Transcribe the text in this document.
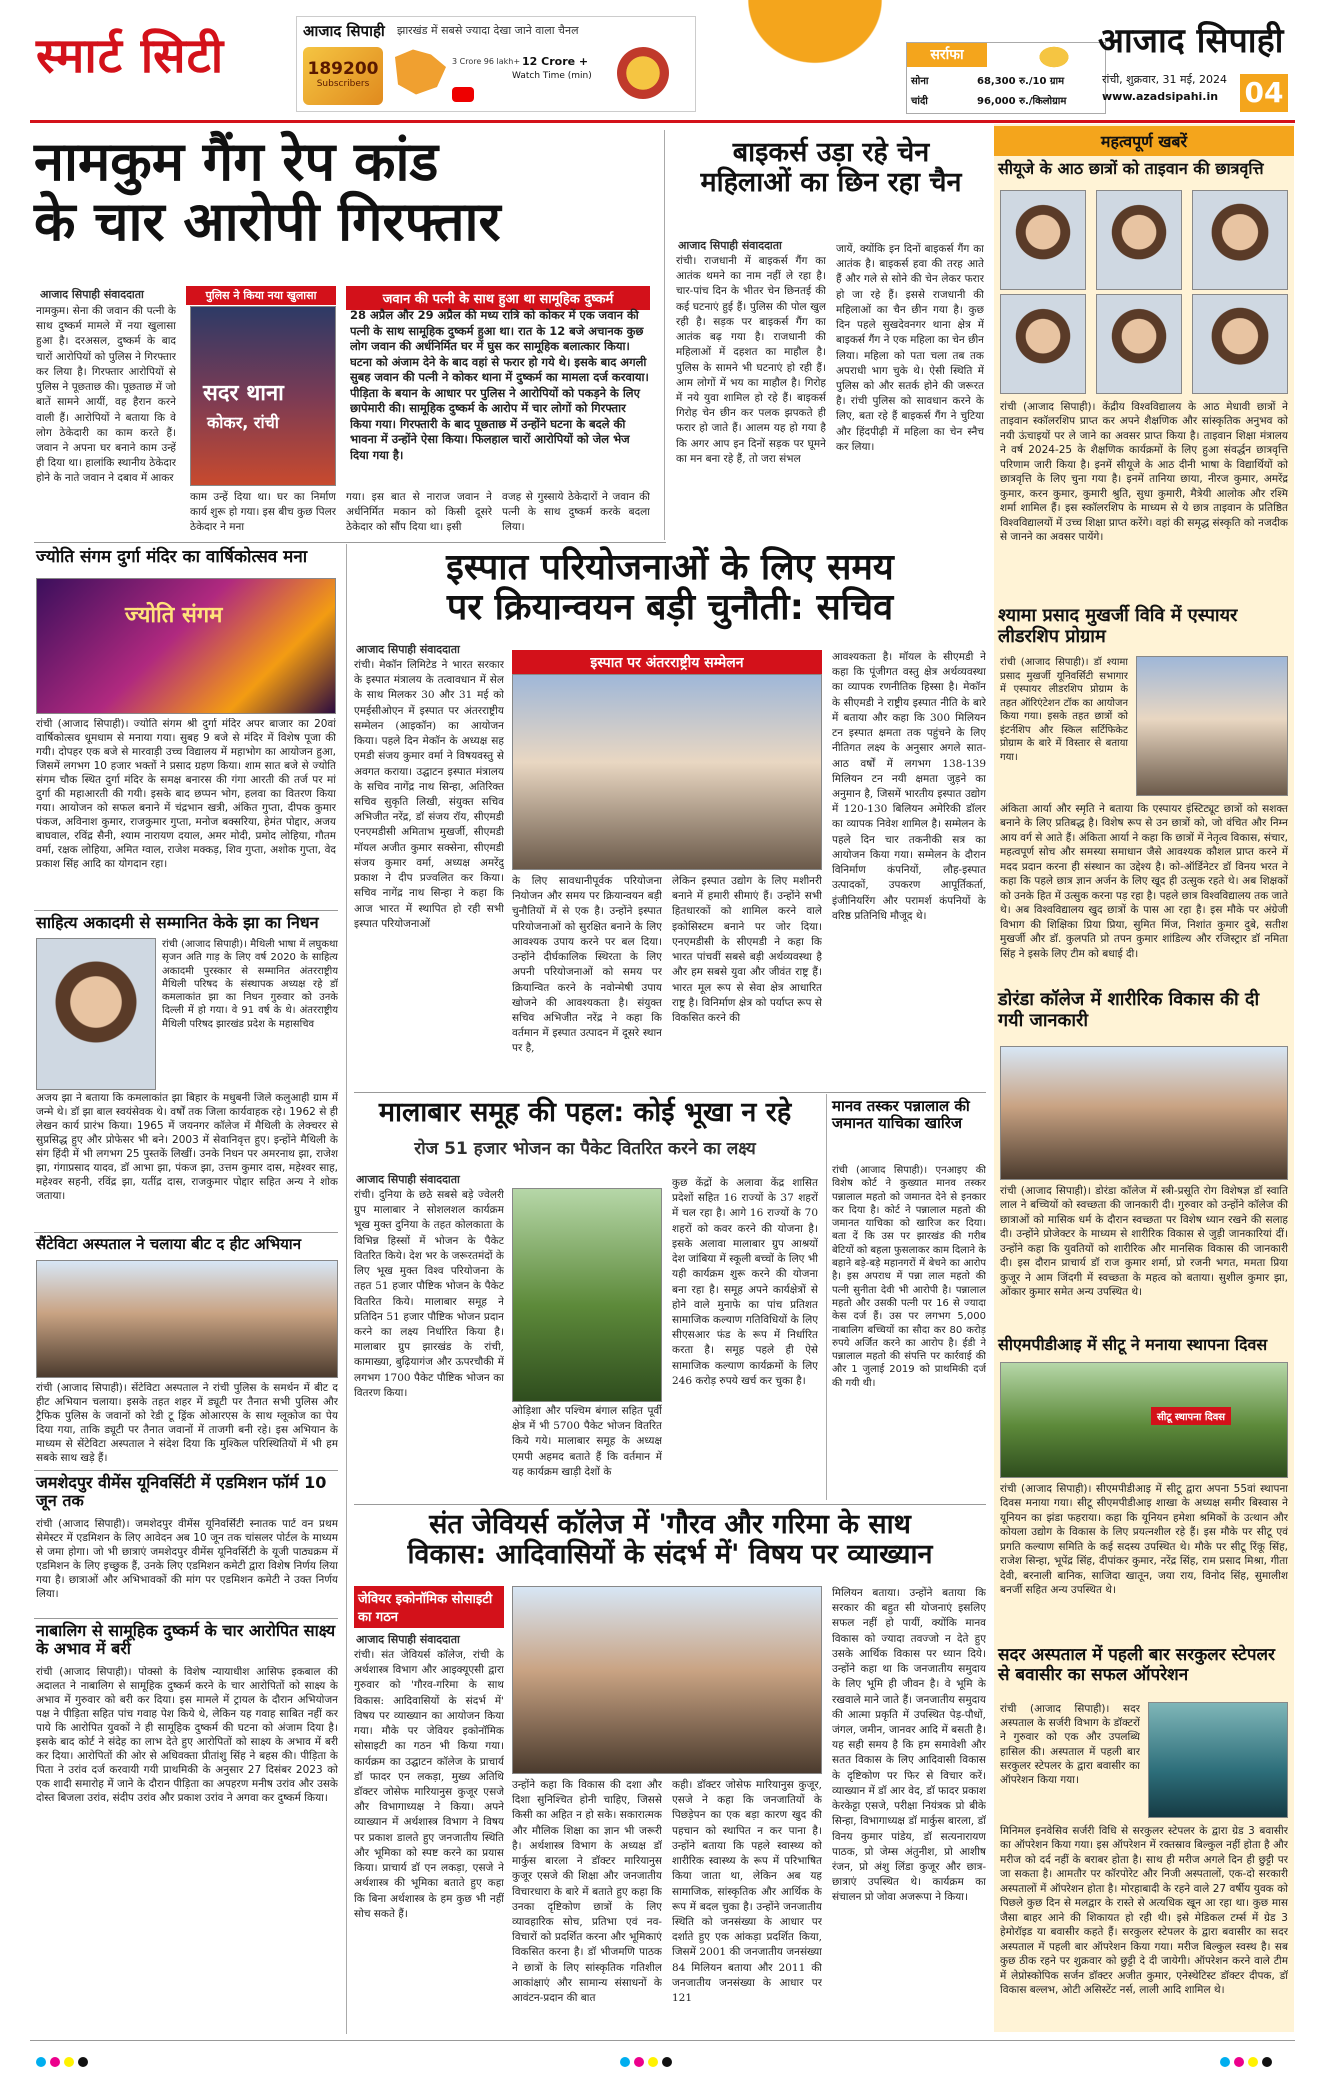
स्मार्ट सिटी	आजाद सिपाही झारखंड में सबसे ज्यादा देखा जाने वाला चैनल
189200
Subscribers
3 Crore 96 lakh+ 12 Crore +
Watch Time (min)
सर्राफा
सोना	68,300 रु./10 ग्राम
चांदी	96,000 रु./किलोग्राम
आजाद सिपाही
रांची, शुक्रवार, 31 मई, 2024
www.azadsipahi.in 04
नामकुम गैंग रेप कांड
के चार आरोपी गिरफ्तार
आजाद सिपाही संवाददाता
नामकुम। सेना की जवान की पत्नी के साथ दुष्कर्म मामले में नया खुलासा हुआ है। दरअसल, दुष्कर्म के बाद चारों आरोपियों को पुलिस ने गिरफ्तार कर लिया है। गिरफ्तार आरोपियों से पुलिस ने पूछताछ की। पूछताछ में जो बातें सामने आयीं, वह हैरान करने वाली हैं। आरोपियों ने बताया कि वे लोग ठेकेदारी का काम करते हैं। जवान ने अपना घर बनाने काम उन्हें ही दिया था। हालांकि स्थानीय ठेकेदार होने के नाते जवान ने दबाव में आकर
पुलिस ने किया नया खुलासा
सदर थाना
कोकर, रांची
काम उन्हें दिया था। घर का निर्माण कार्य शुरू हो गया। इस बीच कुछ पिलर ठेकेदार ने मना
जवान की पत्नी के साथ हुआ था सामूहिक दुष्कर्म
28 अप्रैल और 29 अप्रैल की मध्य रात्रि को कोकर में एक जवान की पत्नी के साथ सामूहिक दुष्कर्म हुआ था। रात के 12 बजे अचानक कुछ लोग जवान की अर्धनिर्मित घर में घुस कर सामूहिक बलात्कार किया। घटना को अंजाम देने के बाद वहां से फरार हो गये थे। इसके बाद अगली सुबह जवान की पत्नी ने कोकर थाना में दुष्कर्म का मामला दर्ज करवाया। पीड़िता के बयान के आधार पर पुलिस ने आरोपियों को पकड़ने के लिए छापेमारी की। सामूहिक दुष्कर्म के आरोप में चार लोगों को गिरफ्तार किया गया। गिरफ्तारी के बाद पूछताछ में उन्होंने घटना के बदले की भावना में उन्होंने ऐसा किया। फिलहाल चारों आरोपियों को जेल भेज दिया गया है।
गया। इस बात से नाराज जवान ने अर्धनिर्मित मकान को किसी दूसरे ठेकेदार को सौंप दिया था। इसी
वजह से गुस्साये ठेकेदारों ने जवान की पत्नी के साथ दुष्कर्म करके बदला लिया।
बाइकर्स उड़ा रहे चेन
महिलाओं का छिन रहा चैन
आजाद सिपाही संवाददाता
रांची। राजधानी में बाइकर्स गैंग का आतंक थमने का नाम नहीं ले रहा है। चार-पांच दिन के भीतर चेन छिनतई की कई घटनाएं हुई हैं। पुलिस की पोल खुल रही है। सड़क पर बाइकर्स गैंग का आतंक बढ़ गया है। राजधानी की महिलाओं में दहशत का माहौल है। पुलिस के सामने भी घटनाएं हो रही हैं। आम लोगों में भय का माहौल है। गिरोह में नये युवा शामिल हो रहे हैं। बाइकर्स गिरोह चेन छीन कर पलक झपकते ही फरार हो जाते हैं। आलम यह हो गया है कि अगर आप इन दिनों सड़क पर घूमने का मन बना रहे हैं, तो जरा संभल
जायें, क्योंकि इन दिनों बाइकर्स गैंग का आतंक है। बाइकर्स हवा की तरह आते हैं और गले से सोने की चेन लेकर फरार हो जा रहे हैं। इससे राजधानी की महिलाओं का चैन छीन गया है। कुछ दिन पहले सुखदेवनगर थाना क्षेत्र में बाइकर्स गैंग ने एक महिला का चेन छीन लिया। महिला को पता चला तब तक अपराधी भाग चुके थे। ऐसी स्थिति में पुलिस को और सतर्क होने की जरूरत है। रांची पुलिस को सावधान करने के लिए, बता रहे हैं बाइकर्स गैंग ने चुटिया और हिंदपीढ़ी में महिला का चेन स्नैच कर लिया।
महत्वपूर्ण खबरें
सीयूजे के आठ छात्रों को ताइवान की छात्रवृत्ति
रांची (आजाद सिपाही)। केंद्रीय विश्वविद्यालय के आठ मेधावी छात्रों ने ताइवान स्कॉलरशिप प्राप्त कर अपने शैक्षणिक और सांस्कृतिक अनुभव को नयी ऊंचाइयों पर ले जाने का अवसर प्राप्त किया है। ताइवान शिक्षा मंत्रालय ने वर्ष 2024-25 के शैक्षणिक कार्यक्रमों के लिए हुआ संवर्द्धन छात्रवृत्ति परिणाम जारी किया है। इनमें सीयूजे के आठ दीनी भाषा के विद्यार्थियों को छात्रवृत्ति के लिए चुना गया है। इनमें तानिया छाया, नीरज कुमार, अमरेंद्र कुमार, करन कुमार, कुमारी श्रुति, सुधा कुमारी, मैत्रेयी आलोक और रश्मि शर्मा शामिल हैं। इस स्कॉलरशिप के माध्यम से ये छात्र ताइवान के प्रतिष्ठित विश्वविद्यालयों में उच्च शिक्षा प्राप्त करेंगे। वहां की समृद्ध संस्कृति को नजदीक से जानने का अवसर पायेंगे।
श्यामा प्रसाद मुखर्जी विवि में एस्पायर लीडरशिप प्रोग्राम
रांची (आजाद सिपाही)। डॉ श्यामा प्रसाद मुखर्जी यूनिवर्सिटी सभागार में एस्पायर लीडरशिप प्रोग्राम के तहत ऑरिएंटेशन टॉक का आयोजन किया गया। इसके तहत छात्रों को इंटर्नशिप और स्किल सर्टिफिकेट प्रोग्राम के बारे में विस्तार से बताया गया।
अंकिता आर्या और स्मृति ने बताया कि एस्पायर इंस्टिट्यूट छात्रों को सशक्त बनाने के लिए प्रतिबद्ध है। विशेष रूप से उन छात्रों को, जो वंचित और निम्न आय वर्ग से आते हैं। अंकिता आर्या ने कहा कि छात्रों में नेतृत्व विकास, संचार, महत्वपूर्ण सोच और समस्या समाधान जैसे आवश्यक कौशल प्राप्त करने में मदद प्रदान करना ही संस्थान का उद्देश्य है। को-ऑर्डिनेटर डॉ विनय भरत ने कहा कि पहले छात्र ज्ञान अर्जन के लिए खूद ही उत्सुक रहते थे। अब शिक्षकों को उनके हित में उत्सुक करना पड़ रहा है। पहले छात्र विश्वविद्यालय तक जाते थे। अब विश्वविद्यालय खुद छात्रों के पास आ रहा है। इस मौके पर अंग्रेजी विभाग की शिक्षिका प्रिया प्रिया, सुमित मिंज, निशांत कुमार दुबे, सतीश मुखर्जी और डॉ. कुलपति प्रो तपन कुमार शांडिल्य और रजिस्ट्रार डॉ नमिता सिंह ने इसके लिए टीम को बधाई दी।
डोरंडा कॉलेज में शारीरिक विकास की दी गयी जानकारी
रांची (आजाद सिपाही)। डोरंडा कॉलेज में स्त्री-प्रसूति रोग विशेषज्ञ डॉ स्वाति लाल ने बच्चियों को स्वच्छता की जानकारी दी। गुरुवार को उन्होंने कॉलेज की छात्राओं को मासिक धर्म के दौरान स्वच्छता पर विशेष ध्यान रखने की सलाह दी। उन्होंने प्रोजेक्टर के माध्यम से शारीरिक विकास से जुड़ी जानकारियां दीं। उन्होंने कहा कि युवतियों को शारीरिक और मानसिक विकास की जानकारी दी। इस दौरान प्राचार्य डॉ राज कुमार शर्मा, प्रो रजनी भगत, ममता प्रिया कुजूर ने आम जिंदगी में स्वच्छता के महत्व को बताया। सुशील कुमार झा, ओंकार कुमार समेत अन्य उपस्थित थे।
सीएमपीडीआइ में सीटू ने मनाया स्थापना दिवस
सीटू स्थापना दिवस
रांची (आजाद सिपाही)। सीएमपीडीआइ में सीटू द्वारा अपना 55वां स्थापना दिवस मनाया गया। सीटू सीएमपीडीआइ शाखा के अध्यक्ष समीर बिस्वास ने यूनियन का झंडा फहराया। कहा कि यूनियन हमेशा श्रमिकों के उत्थान और कोयला उद्योग के विकास के लिए प्रयत्नशील रहे हैं। इस मौके पर सीटू एवं प्रगति कल्याण समिति के कई सदस्य उपस्थित थे। मौके पर सीटू रिंकू सिंह, राजेश सिन्हा, भूपेंद्र सिंह, दीपांकर कुमार, नरेंद्र सिंह, राम प्रसाद मिश्रा, गीता देवी, बरनाली बानिक, साजिदा खातून, जया राय, विनोद सिंह, सुमालीश बनर्जी सहित अन्य उपस्थित थे।
सदर अस्पताल में पहली बार सरकुलर स्टेपलर से बवासीर का सफल ऑपरेशन
रांची (आजाद सिपाही)। सदर अस्पताल के सर्जरी विभाग के डॉक्टरों ने गुरुवार को एक और उपलब्धि हासिल की। अस्पताल में पहली बार सरकुलर स्टेपलर के द्वारा बवासीर का ऑपरेशन किया गया।
मिनिमल इनवेसिव सर्जरी विधि से सरकुलर स्टेपलर के द्वारा ग्रेड 3 बवासीर का ऑपरेशन किया गया। इस ऑपरेशन में रक्तस्राव बिल्कुल नहीं होता है और मरीज को दर्द नहीं के बराबर होता है। साथ ही मरीज अगले दिन ही छुट्टी पर जा सकता है। आमतौर पर कॉरपोरेट और निजी अस्पतालों, एक-दो सरकारी अस्पतालों में ऑपरेशन होता है। मोरहाबादी के रहने वाले 27 वर्षीय युवक को पिछले कुछ दिन से मलद्वार के रास्ते से अत्यधिक खून आ रहा था। कुछ मास जैसा बाहर आने की शिकायत हो रही थी। इसे मेडिकल टर्म्स में ग्रेड 3 हेमोरॉइड या बवासीर कहते हैं। सरकुलर स्टेपलर के द्वारा बवासीर का सदर अस्पताल में पहली बार ऑपरेशन किया गया। मरीज बिल्कुल स्वस्थ है। सब कुछ ठीक रहने पर शुक्रवार को छुट्टी दे दी जायेगी। ऑपरेशन करने वाले टीम में लेप्रोस्कोपिक सर्जन डॉक्टर अजीत कुमार, एनेस्थेटिस्ट डॉक्टर दीपक, डॉ विकास बल्लभ, ओटी असिस्टेंट नर्स, लाली आदि शामिल थे।
ज्योति संगम दुर्गा मंदिर का वार्षिकोत्सव मना
ज्योति संगम
रांची (आजाद सिपाही)। ज्योति संगम श्री दुर्गा मंदिर अपर बाजार का 20वां वार्षिकोत्सव धूमधाम से मनाया गया। सुबह 9 बजे से मंदिर में विशेष पूजा की गयी। दोपहर एक बजे से मारवाड़ी उच्च विद्यालय में महाभोग का आयोजन हुआ, जिसमें लगभग 10 हजार भक्तों ने प्रसाद ग्रहण किया। शाम सात बजे से ज्योति संगम चौक स्थित दुर्गा मंदिर के समक्ष बनारस की गंगा आरती की तर्ज पर मां दुर्गा की महाआरती की गयी। इसके बाद छप्पन भोग, हलवा का वितरण किया गया। आयोजन को सफल बनाने में चंद्रभान खत्री, अंकित गुप्ता, दीपक कुमार पंकज, अविनाश कुमार, राजकुमार गुप्ता, मनोज बक्सरिया, हेमंत पोद्दार, अजय बाघवाल, रविंद्र सैनी, श्याम नारायण दयाल, अमर मोदी, प्रमोद लोहिया, गौतम वर्मा, रक्षक लोहिया, अमित ग्वाल, राजेश मक्कड़, शिव गुप्ता, अशोक गुप्ता, वेद प्रकाश सिंह आदि का योगदान रहा।
साहित्य अकादमी से सम्मानित केके झा का निधन
रांची (आजाद सिपाही)। मैथिली भाषा में लघुकथा सृजन अति गाड़ के लिए वर्ष 2020 के साहित्य अकादमी पुरस्कार से सम्मानित अंतरराष्ट्रीय मैथिली परिषद के संस्थापक अध्यक्ष रहे डॉ कमलाकांत झा का निधन गुरुवार को उनके दिल्ली में हो गया। वे 91 वर्ष के थे। अंतरराष्ट्रीय मैथिली परिषद झारखंड प्रदेश के महासचिव
अजय झा ने बताया कि कमलाकांत झा बिहार के मधुबनी जिले कलुआही ग्राम में जन्मे थे। डॉ झा बाल स्वयंसेवक थे। वर्षों तक जिला कार्यवाहक रहे। 1962 से ही लेखन कार्य प्रारंभ किया। 1965 में जयनगर कॉलेज में मैथिली के लेक्चरर से सुप्रसिद्ध हुए और प्रोफेसर भी बने। 2003 में सेवानिवृत्त हुए। इन्होंने मैथिली के संग हिंदी में भी लगभग 25 पुस्तकें लिखीं। उनके निधन पर अमरनाथ झा, राजेश झा, गंगाप्रसाद यादव, डॉ आभा झा, पंकज झा, उत्तम कुमार दास, महेश्वर साह, महेश्वर सहनी, रविंद्र झा, यतींद्र दास, राजकुमार पोद्दार सहित अन्य ने शोक जताया।
सैंटेविटा अस्पताल ने चलाया बीट द हीट अभियान
रांची (आजाद सिपाही)। सेंटेविटा अस्पताल ने रांची पुलिस के समर्थन में बीट द हीट अभियान चलाया। इसके तहत शहर में ड्यूटी पर तैनात सभी पुलिस और ट्रैफिक पुलिस के जवानों को रेडी टू ड्रिंक ओआरएस के साथ ग्लूकोज का पेय दिया गया, ताकि ड्यूटी पर तैनात जवानों में ताजगी बनी रहे। इस अभियान के माध्यम से सेंटेविटा अस्पताल ने संदेश दिया कि मुश्किल परिस्थितियों में भी हम सबके साथ खड़े हैं।
जमशेदपुर वीमेंस यूनिवर्सिटी में एडमिशन फॉर्म 10 जून तक
रांची (आजाद सिपाही)। जमशेदपुर वीमेंस यूनिवर्सिटी स्नातक पार्ट वन प्रथम सेमेस्टर में एडमिशन के लिए आवेदन अब 10 जून तक चांसलर पोर्टल के माध्यम से जमा होगा। जो भी छात्राएं जमशेदपुर वीमेंस यूनिवर्सिटी के यूजी पाठ्यक्रम में एडमिशन के लिए इच्छुक हैं, उनके लिए एडमिशन कमेटी द्वारा विशेष निर्णय लिया गया है। छात्राओं और अभिभावकों की मांग पर एडमिशन कमेटी ने उक्त निर्णय लिया।
नाबालिग से सामूहिक दुष्कर्म के चार आरोपित साक्ष्य के अभाव में बरी
रांची (आजाद सिपाही)। पोक्सो के विशेष न्यायाधीश आसिफ इकबाल की अदालत ने नाबालिग से सामूहिक दुष्कर्म करने के चार आरोपितों को साक्ष्य के अभाव में गुरुवार को बरी कर दिया। इस मामले में ट्रायल के दौरान अभियोजन पक्ष ने पीड़िता सहित पांच गवाह पेश किये थे, लेकिन यह गवाह साबित नहीं कर पाये कि आरोपित युवकों ने ही सामूहिक दुष्कर्म की घटना को अंजाम दिया है। इसके बाद कोर्ट ने संदेह का लाभ देते हुए आरोपितों को साक्ष्य के अभाव में बरी कर दिया। आरोपितों की ओर से अधिवक्ता प्रीतांशु सिंह ने बहस की। पीड़िता के पिता ने उरांव दर्ज करवायी गयी प्राथमिकी के अनुसार 27 दिसंबर 2023 को एक शादी समारोह में जाने के दौरान पीड़िता का अपहरण मनीष उरांव और उसके दोस्त बिजला उरांव, संदीप उरांव और प्रकाश उरांव ने अगवा कर दुष्कर्म किया।
इस्पात परियोजनाओं के लिए समय
पर क्रियान्वयन बड़ी चुनौती: सचिव
आजाद सिपाही संवाददाता
रांची। मेकॉन लिमिटेड ने भारत सरकार के इस्पात मंत्रालय के तत्वावधान में सेल के साथ मिलकर 30 और 31 मई को एमईसीओएन में इस्पात पर अंतरराष्ट्रीय सम्मेलन (आइकॉन) का आयोजन किया। पहले दिन मेकॉन के अध्यक्ष सह एमडी संजय कुमार वर्मा ने विषयवस्तु से अवगत कराया। उद्घाटन इस्पात मंत्रालय के सचिव नागेंद्र नाथ सिन्हा, अतिरिक्त सचिव सुकृति लिखी, संयुक्त सचिव अभिजीत नरेंद्र, डॉ संजय रॉय, सीएमडी एनएमडीसी अमिताभ मुखर्जी, सीएमडी मॉयल अजीत कुमार सक्सेना, सीएमडी संजय कुमार वर्मा, अध्यक्ष अमरेंदु प्रकाश ने दीप प्रज्वलित कर किया। सचिव नागेंद्र नाथ सिन्हा ने कहा कि आज भारत में स्थापित हो रही सभी इस्पात परियोजनाओं
इस्पात पर अंतरराष्ट्रीय सम्मेलन
के लिए सावधानीपूर्वक परियोजना नियोजन और समय पर क्रियान्वयन बड़ी चुनौतियों में से एक है। उन्होंने इस्पात परियोजनाओं को सुरक्षित बनाने के लिए आवश्यक उपाय करने पर बल दिया। उन्होंने दीर्घकालिक स्थिरता के लिए अपनी परियोजनाओं को समय पर क्रियान्वित करने के नवोन्मेषी उपाय खोजने की आवश्यकता है। संयुक्त सचिव अभिजीत नरेंद्र ने कहा कि वर्तमान में इस्पात उत्पादन में दूसरे स्थान पर है,
लेकिन इस्पात उद्योग के लिए मशीनरी बनाने में हमारी सीमाएं हैं। उन्होंने सभी हितधारकों को शामिल करने वाले इकोसिस्टम बनाने पर जोर दिया। एनएमडीसी के सीएमडी ने कहा कि भारत पांचवीं सबसे बड़ी अर्थव्यवस्था है और हम सबसे युवा और जीवंत राष्ट्र हैं। भारत मूल रूप से सेवा क्षेत्र आधारित राष्ट्र है। विनिर्माण क्षेत्र को पर्याप्त रूप से विकसित करने की
आवश्यकता है। मॉयल के सीएमडी ने कहा कि पूंजीगत वस्तु क्षेत्र अर्थव्यवस्था का व्यापक रणनीतिक हिस्सा है। मेकॉन के सीएमडी ने राष्ट्रीय इस्पात नीति के बारे में बताया और कहा कि 300 मिलियन टन इस्पात क्षमता तक पहुंचने के लिए नीतिगत लक्ष्य के अनुसार अगले सात-आठ वर्षों में लगभग 138-139 मिलियन टन नयी क्षमता जुड़ने का अनुमान है, जिसमें भारतीय इस्पात उद्योग में 120-130 बिलियन अमेरिकी डॉलर का व्यापक निवेश शामिल है। सम्मेलन के पहले दिन चार तकनीकी सत्र का आयोजन किया गया। सम्मेलन के दौरान विनिर्माण कंपनियों, लौह-इस्पात उत्पादकों, उपकरण आपूर्तिकर्ता, इंजीनियरिंग और परामर्श कंपनियों के वरिष्ठ प्रतिनिधि मौजूद थे।
मालाबार समूह की पहल: कोई भूखा न रहे
रोज 51 हजार भोजन का पैकेट वितरित करने का लक्ष्य
आजाद सिपाही संवाददाता
रांची। दुनिया के छठे सबसे बड़े ज्वेलरी ग्रुप मालाबार ने सोशलशल कार्यक्रम भूख मुक्त दुनिया के तहत कोलकाता के विभिन्न हिस्सों में भोजन के पैकेट वितरित किये। देश भर के जरूरतमंदों के लिए भूख मुक्त विश्व परियोजना के तहत 51 हजार पौष्टिक भोजन के पैकेट वितरित किये। मालाबार समूह ने प्रतिदिन 51 हजार पौष्टिक भोजन प्रदान करने का लक्ष्य निर्धारित किया है। मालाबार ग्रुप झारखंड के रांची, कामाख्या, बुढ़ियागंज और ऊपरचौकी में लगभग 1700 पैकेट पौष्टिक भोजन का वितरण किया।
ओड़िशा और पश्चिम बंगाल सहित पूर्वी क्षेत्र में भी 5700 पैकेट भोजन वितरित किये गये। मालाबार समूह के अध्यक्ष एमपी अहमद बताते हैं कि वर्तमान में यह कार्यक्रम खाड़ी देशों के
कुछ केंद्रों के अलावा केंद्र शासित प्रदेशों सहित 16 राज्यों के 37 शहरों में चल रहा है। आगे 16 राज्यों के 70 शहरों को कवर करने की योजना है। इसके अलावा मालाबार ग्रुप आश्रयों देश जांबिया में स्कूली बच्चों के लिए भी यही कार्यक्रम शुरू करने की योजना बना रहा है। समूह अपने कार्यक्षेत्रों से होने वाले मुनाफे का पांच प्रतिशत सामाजिक कल्याण गतिविधियों के लिए सीएसआर फंड के रूप में निर्धारित करता है। समूह पहले ही ऐसे सामाजिक कल्याण कार्यक्रमों के लिए 246 करोड़ रुपये खर्च कर चुका है।
मानव तस्कर पन्नालाल की जमानत याचिका खारिज
रांची (आजाद सिपाही)। एनआइए की विशेष कोर्ट ने कुख्यात मानव तस्कर पन्नालाल महतो को जमानत देने से इनकार कर दिया है। कोर्ट ने पन्नालाल महतो की जमानत याचिका को खारिज कर दिया। बता दें कि उस पर झारखंड की गरीब बेटियों को बहला फुसलाकर काम दिलाने के बहाने बड़े-बड़े महानगरों में बेचने का आरोप है। इस अपराध में पन्ना लाल महतो की पत्नी सुनीता देवी भी आरोपी है। पन्नालाल महतो और उसकी पत्नी पर 16 से ज्यादा केस दर्ज हैं। उस पर लगभग 5,000 नाबालिग बच्चियों का सौदा कर 80 करोड़ रुपये अर्जित करने का आरोप है। ईडी ने पन्नालाल महतो की संपत्ति पर कार्रवाई की और 1 जुलाई 2019 को प्राथमिकी दर्ज की गयी थी।
संत जेवियर्स कॉलेज में 'गौरव और गरिमा के साथ
विकास: आदिवासियों के संदर्भ में' विषय पर व्याख्यान
जेवियर इकोनॉमिक सोसाइटी का गठन
आजाद सिपाही संवाददाता
रांची। संत जेवियर्स कॉलेज, रांची के अर्थशास्त्र विभाग और आइक्यूएसी द्वारा गुरुवार को 'गौरव-गरिमा के साथ विकास: आदिवासियों के संदर्भ में' विषय पर व्याख्यान का आयोजन किया गया। मौके पर जेवियर इकोनॉमिक सोसाइटी का गठन भी किया गया। कार्यक्रम का उद्घाटन कॉलेज के प्राचार्य डॉ फादर एन लकड़ा, मुख्य अतिथि डॉक्टर जोसेफ मारियानुस कुजूर एसजे और विभागाध्यक्ष ने किया। अपने व्याख्यान में अर्थशास्त्र विभाग ने विषय पर प्रकाश डालते हुए जनजातीय स्थिति और भूमिका को स्पष्ट करने का प्रयास किया। प्राचार्य डॉ एन लकड़ा, एसजे ने अर्थशास्त्र की भूमिका बताते हुए कहा कि बिना अर्थशास्त्र के हम कुछ भी नहीं सोच सकते हैं।
उन्होंने कहा कि विकास की दशा और दिशा सुनिश्चित होनी चाहिए, जिससे किसी का अहित न हो सके। सकारात्मक और मौलिक शिक्षा का ज्ञान भी जरूरी है। अर्थशास्त्र विभाग के अध्यक्ष डॉ मार्कुस बारला ने डॉक्टर मारियानुस कुजूर एसजे की शिक्षा और जनजातीय विचारधारा के बारे में बताते हुए कहा कि उनका दृष्टिकोण छात्रों के लिए व्यावहारिक सोच, प्रतिभा एवं नव-विचारों को प्रदर्शित करना और भूमिकाएं विकसित करना है। डॉ भीजमणि पाठक ने छात्रों के लिए सांस्कृतिक गतिशील आकांक्षाएं और सामान्य संसाधनों के आवंटन-प्रदान की बात
कही। डॉक्टर जोसेफ मारियानुस कुजूर, एसजे ने कहा कि जनजातियों के पिछड़ेपन का एक बड़ा कारण खुद की पहचान को स्थापित न कर पाना है। उन्होंने बताया कि पहले स्वास्थ्य को शारीरिक स्वास्थ्य के रूप में परिभाषित किया जाता था, लेकिन अब यह सामाजिक, सांस्कृतिक और आर्थिक के रूप में बदल चुका है। उन्होंने जनजातीय स्थिति को जनसंख्या के आधार पर दर्शाते हुए एक आंकड़ा प्रदर्शित किया, जिसमें 2001 की जनजातीय जनसंख्या 84 मिलियन बताया और 2011 की जनजातीय जनसंख्या के आधार पर 121
मिलियन बताया। उन्होंने बताया कि सरकार की बहुत सी योजनाएं इसलिए सफल नहीं हो पायीं, क्योंकि मानव विकास को ज्यादा तवज्जो न देते हुए उसके आर्थिक विकास पर ध्यान दिये। उन्होंने कहा था कि जनजातीय समुदाय के लिए भूमि ही जीवन है। वे भूमि के रखवाले माने जाते हैं। जनजातीय समुदाय की आत्मा प्रकृति में उपस्थित पेड़-पौधों, जंगल, जमीन, जानवर आदि में बसती है। यह सही समय है कि हम समावेशी और सतत विकास के लिए आदिवासी विकास के दृष्टिकोण पर फिर से विचार करें। व्याख्यान में डॉ आर वेद, डॉ फादर प्रकाश केरकेट्टा एसजे, परीक्षा नियंत्रक प्रो बीके सिन्हा, विभागाध्यक्ष डॉ मार्कुस बारला, डॉ विनय कुमार पांडेय, डॉ सत्यनारायण पाठक, प्रो जेम्स अंतुनीश, प्रो आशीष रंजन, प्रो अंशु लिंडा कुजूर और छात्र-छात्राएं उपस्थित थे। कार्यक्रम का संचालन प्रो जोवा अजरूपा ने किया।
